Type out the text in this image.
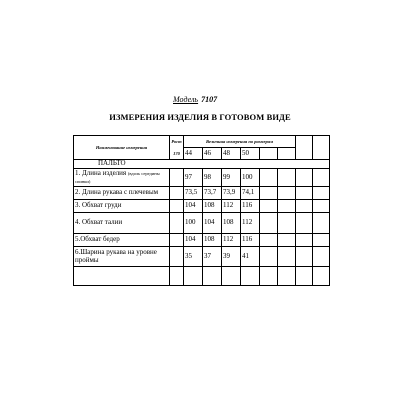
Модель 7107
ИЗМЕРЕНИЯ ИЗДЕЛИЯ В ГОТОВОМ ВИДЕ
Наименование измерения	Рост	Величина измерения по размерам							
	170	44	46	48	50				
ПАЛЬТО									
1. Длина изделия (вдоль середины спинки)		97	98	99	100				
2. Длина рукава с плечевым		73,5	73,7	73,9	74,1				
3. Обхват груди		104	108	112	116				
4. Обхват талии		100	104	108	112				
5.Обхват бедер		104	108	112	116				
6.Шарина рукава на уровне проймы		35	37	39	41				
